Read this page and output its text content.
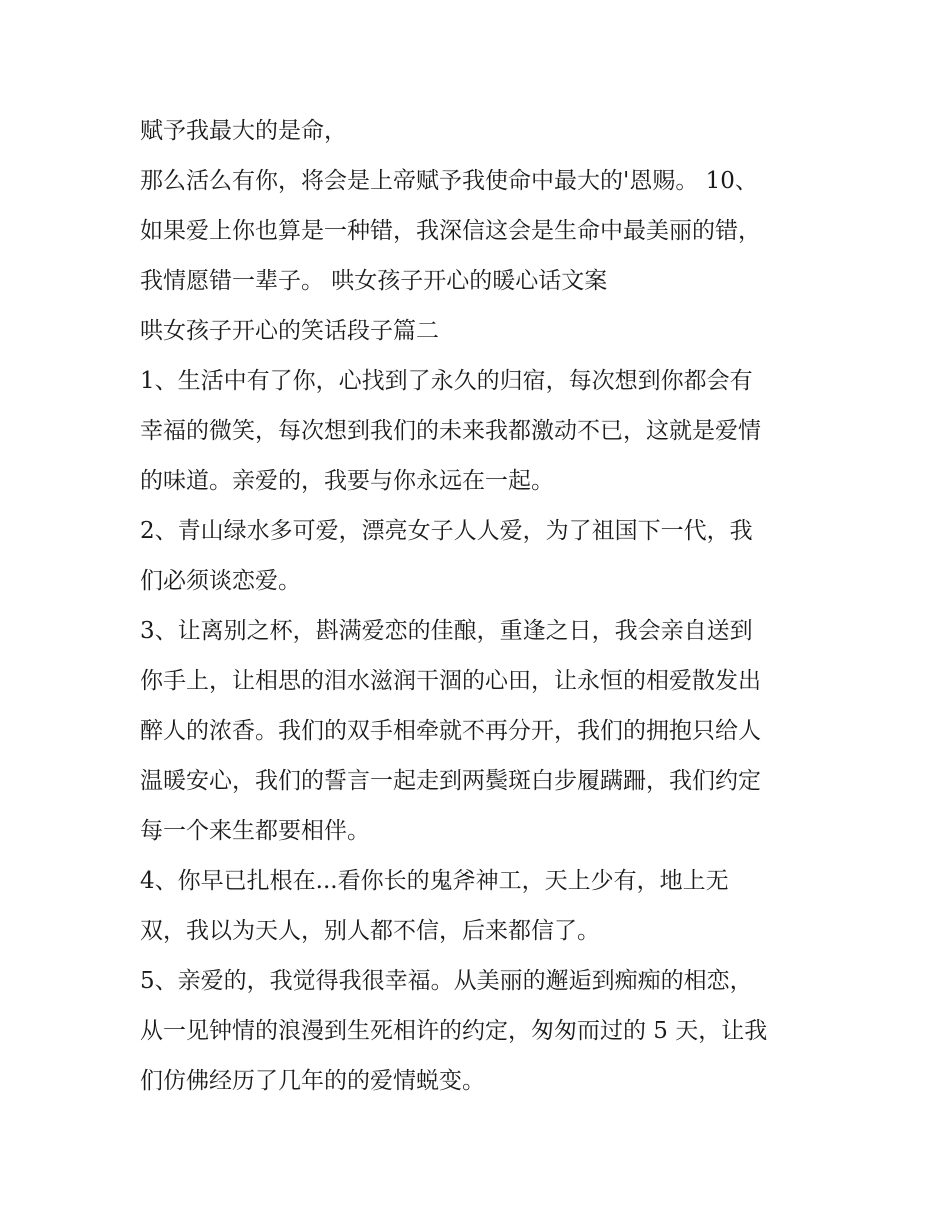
赋予我最大的是命，
那么活么有你，将会是上帝赋予我使命中最大的'恩赐。 10、
如果爱上你也算是一种错，我深信这会是生命中最美丽的错，
我情愿错一辈子。 哄女孩子开心的暖心话文案
哄女孩子开心的笑话段子篇二
1、生活中有了你，心找到了永久的归宿，每次想到你都会有
幸福的微笑，每次想到我们的未来我都激动不已，这就是爱情
的味道。亲爱的，我要与你永远在一起。
2、青山绿水多可爱，漂亮女子人人爱，为了祖国下一代，我
们必须谈恋爱。
3、让离别之杯，斟满爱恋的佳酿，重逢之日，我会亲自送到
你手上，让相思的泪水滋润干涸的心田，让永恒的相爱散发出
醉人的浓香。我们的双手相牵就不再分开，我们的拥抱只给人
温暖安心，我们的誓言一起走到两鬓斑白步履蹒跚，我们约定
每一个来生都要相伴。
4、你早已扎根在...看你长的鬼斧神工，天上少有，地上无
双，我以为天人，别人都不信，后来都信了。
5、亲爱的，我觉得我很幸福。从美丽的邂逅到痴痴的相恋，
从一见钟情的浪漫到生死相许的约定，匆匆而过的 5 天，让我
们仿佛经历了几年的的爱情蜕变。
